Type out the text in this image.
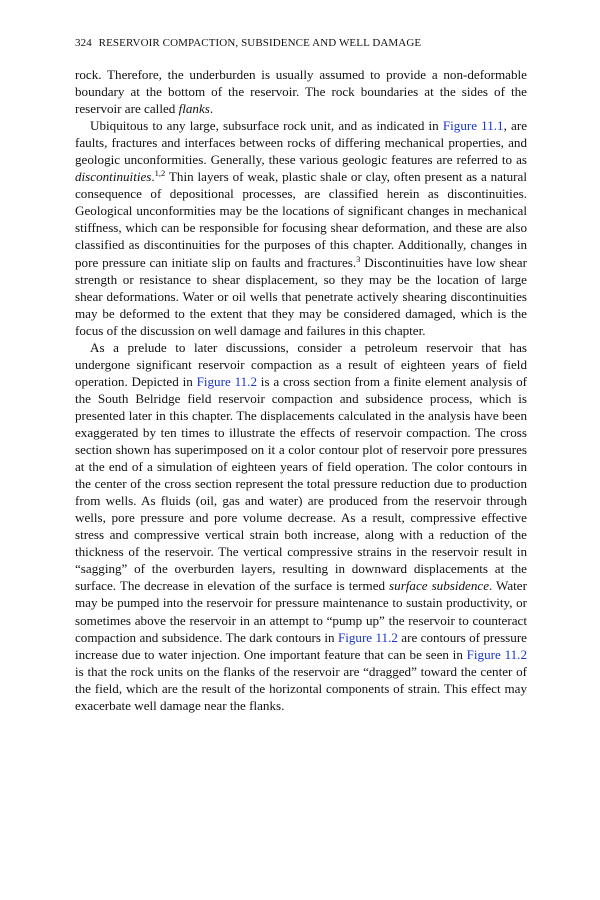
324 RESERVOIR COMPACTION, SUBSIDENCE AND WELL DAMAGE

rock. Therefore, the underburden is usually assumed to provide a non-deformable boundary at the bottom of the reservoir. The rock boundaries at the sides of the reservoir are called flanks.

Ubiquitous to any large, subsurface rock unit, and as indicated in Figure 11.1, are faults, fractures and interfaces between rocks of differing mechanical properties, and geologic unconformities. Generally, these various geologic features are referred to as discontinuities.$^{1,2}$ Thin layers of weak, plastic shale or clay, often present as a natural consequence of depositional processes, are classified herein as discontinuities. Geological unconformities may be the locations of significant changes in mechanical stiffness, which can be responsible for focusing shear deformation, and these are also classified as discontinuities for the purposes of this chapter. Additionally, changes in pore pressure can initiate slip on faults and fractures.$^3$ Discontinuities have low shear strength or resistance to shear displacement, so they may be the location of large shear deformations. Water or oil wells that penetrate actively shearing discontinuities may be deformed to the extent that they may be considered damaged, which is the focus of the discussion on well damage and failures in this chapter.

As a prelude to later discussions, consider a petroleum reservoir that has undergone significant reservoir compaction as a result of eighteen years of field operation. Depicted in Figure 11.2 is a cross section from a finite element analysis of the South Belridge field reservoir compaction and subsidence process, which is presented later in this chapter. The displacements calculated in the analysis have been exaggerated by ten times to illustrate the effects of reservoir compaction. The cross section shown has superimposed on it a color contour plot of reservoir pore pressures at the end of a simulation of eighteen years of field operation. The color contours in the center of the cross section represent the total pressure reduction due to production from wells. As fluids (oil, gas and water) are produced from the reservoir through wells, pore pressure and pore volume decrease. As a result, compressive effective stress and compressive vertical strain both increase, along with a reduction of the thickness of the reservoir. The vertical compressive strains in the reservoir result in “sagging” of the overburden layers, resulting in downward displacements at the surface. The decrease in elevation of the surface is termed surface subsidence. Water may be pumped into the reservoir for pressure maintenance to sustain productivity, or sometimes above the reservoir in an attempt to “pump up” the reservoir to counteract compaction and subsidence. The dark contours in Figure 11.2 are contours of pressure increase due to water injection. One important feature that can be seen in Figure 11.2 is that the rock units on the flanks of the reservoir are “dragged” toward the center of the field, which are the result of the horizontal components of strain. This effect may exacerbate well damage near the flanks.
